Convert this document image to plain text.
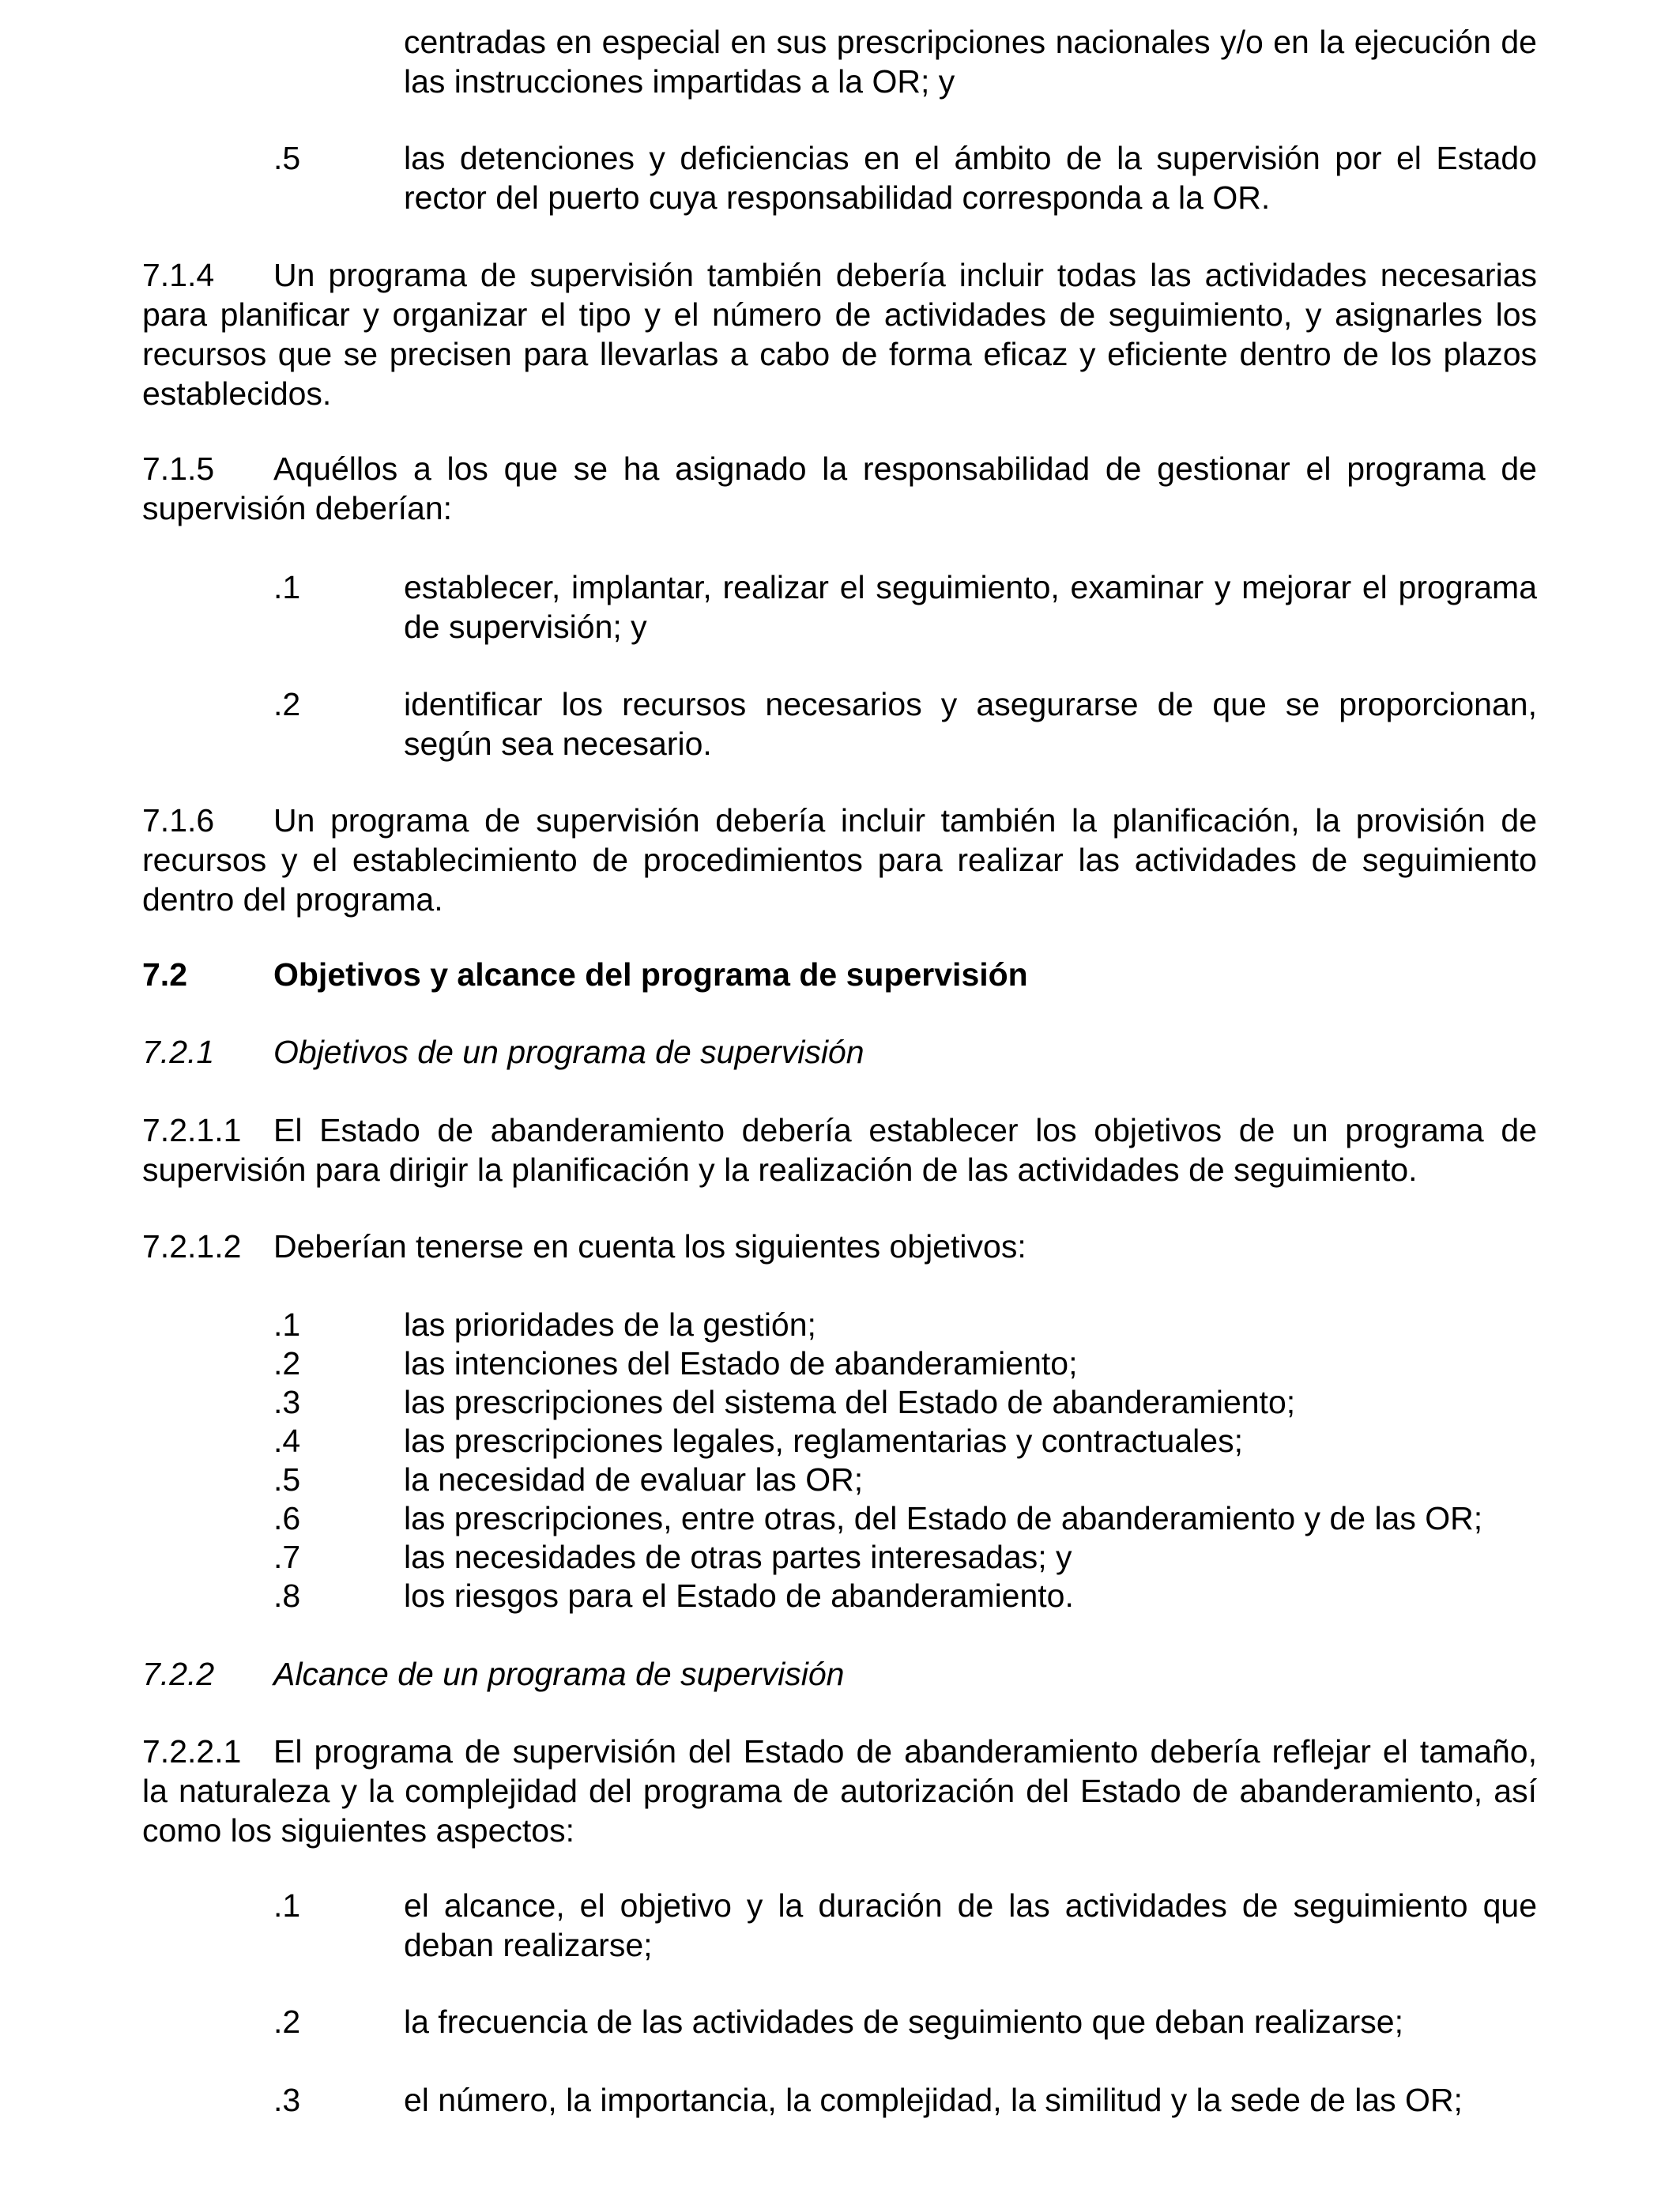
centradas en especial en sus prescripciones nacionales y/o en la ejecución de las instrucciones impartidas a la OR; y

.5	las detenciones y deficiencias en el ámbito de la supervisión por el Estado rector del puerto cuya responsabilidad corresponda a la OR.

7.1.4 Un programa de supervisión también debería incluir todas las actividades necesarias para planificar y organizar el tipo y el número de actividades de seguimiento, y asignarles los recursos que se precisen para llevarlas a cabo de forma eficaz y eficiente dentro de los plazos establecidos.

7.1.5 Aquéllos a los que se ha asignado la responsabilidad de gestionar el programa de supervisión deberían:

.1	establecer, implantar, realizar el seguimiento, examinar y mejorar el programa de supervisión; y

.2	identificar los recursos necesarios y asegurarse de que se proporcionan, según sea necesario.

7.1.6 Un programa de supervisión debería incluir también la planificación, la provisión de recursos y el establecimiento de procedimientos para realizar las actividades de seguimiento dentro del programa.

7.2	Objetivos y alcance del programa de supervisión

7.2.1 Objetivos de un programa de supervisión

7.2.1.1 El Estado de abanderamiento debería establecer los objetivos de un programa de supervisión para dirigir la planificación y la realización de las actividades de seguimiento.

7.2.1.2 Deberían tenerse en cuenta los siguientes objetivos:

.1	las prioridades de la gestión;

.2	las intenciones del Estado de abanderamiento;

.3	las prescripciones del sistema del Estado de abanderamiento;

.4	las prescripciones legales, reglamentarias y contractuales;

.5	la necesidad de evaluar las OR;

.6	las prescripciones, entre otras, del Estado de abanderamiento y de las OR;

.7	las necesidades de otras partes interesadas; y

.8	los riesgos para el Estado de abanderamiento.

7.2.2 Alcance de un programa de supervisión

7.2.2.1 El programa de supervisión del Estado de abanderamiento debería reflejar el tamaño, la naturaleza y la complejidad del programa de autorización del Estado de abanderamiento, así como los siguientes aspectos:

.1	el alcance, el objetivo y la duración de las actividades de seguimiento que deban realizarse;

.2	la frecuencia de las actividades de seguimiento que deban realizarse;

.3	el número, la importancia, la complejidad, la similitud y la sede de las OR;
